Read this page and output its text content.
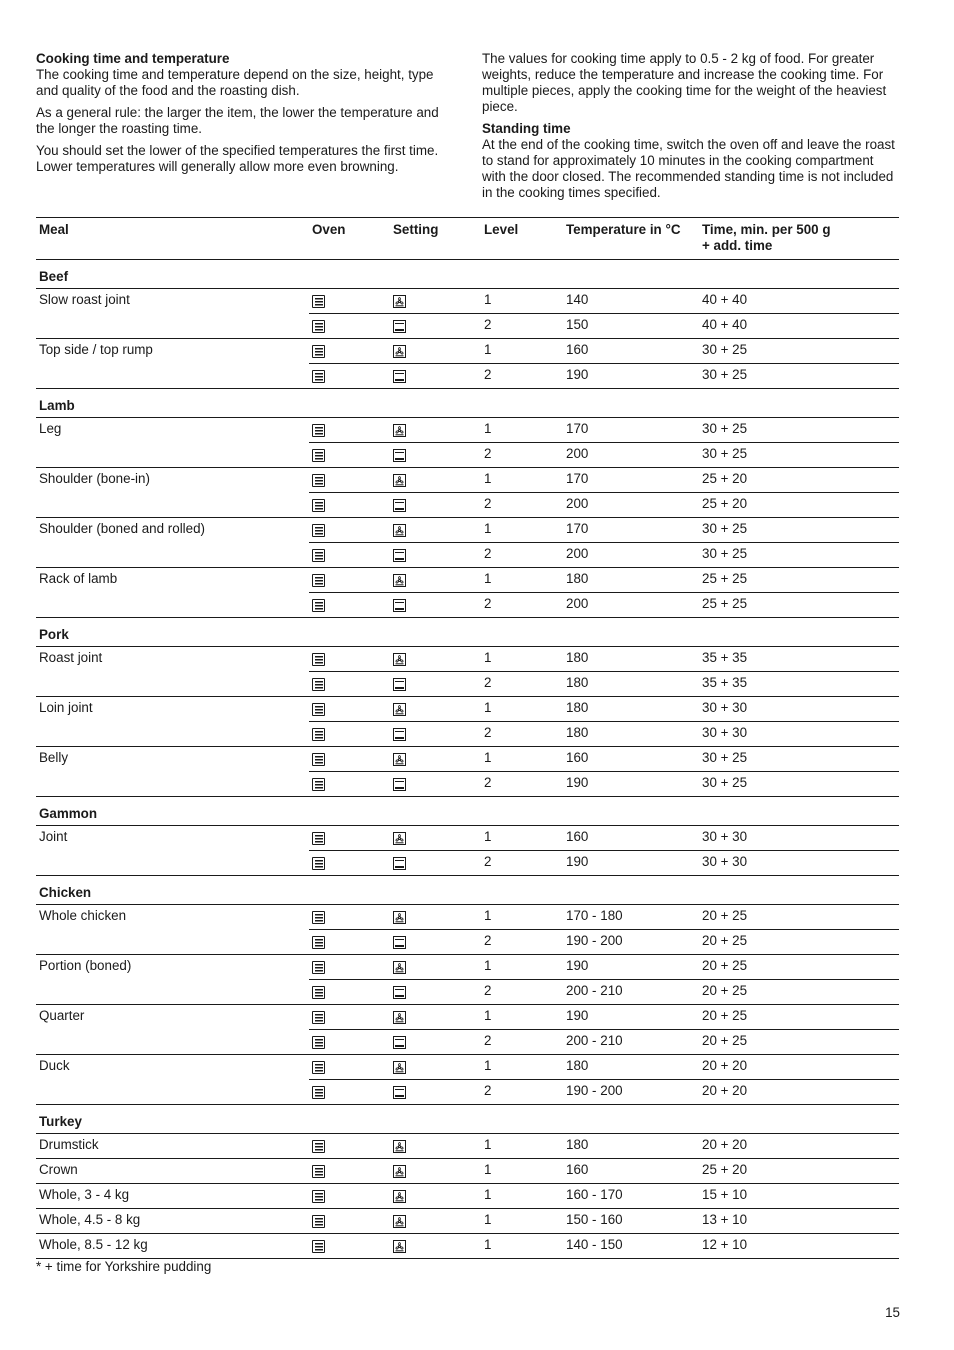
Cooking time and temperature

The cooking time and temperature depend on the size, height, type and quality of the food and the roasting dish.

As a general rule: the larger the item, the lower the temperature and the longer the roasting time.

You should set the lower of the specified temperatures the first time. Lower temperatures will generally allow more even browning.

The values for cooking time apply to 0.5 - 2 kg of food. For greater weights, reduce the temperature and increase the cooking time. For multiple pieces, apply the cooking time for the weight of the heaviest piece.

Standing time

At the end of the cooking time, switch the oven off and leave the roast to stand for approximately 10 minutes in the cooking compartment with the door closed. The recommended standing time is not included in the cooking times specified.

Meal	Oven	Setting	Level	Temperature in °C	Time, min. per 500 g
+ add. time
Beef					
Slow roast joint			1	140	40 + 40
			2	150	40 + 40
Top side / top rump			1	160	30 + 25
			2	190	30 + 25
Lamb					
Leg			1	170	30 + 25
			2	200	30 + 25
Shoulder (bone-in)			1	170	25 + 20
			2	200	25 + 20
Shoulder (boned and rolled)			1	170	30 + 25
			2	200	30 + 25
Rack of lamb			1	180	25 + 25
			2	200	25 + 25
Pork					
Roast joint			1	180	35 + 35
			2	180	35 + 35
Loin joint			1	180	30 + 30
			2	180	30 + 30
Belly			1	160	30 + 25
			2	190	30 + 25
Gammon					
Joint			1	160	30 + 30
			2	190	30 + 30
Chicken					
Whole chicken			1	170 - 180	20 + 25
			2	190 - 200	20 + 25
Portion (boned)			1	190	20 + 25
			2	200 - 210	20 + 25
Quarter			1	190	20 + 25
			2	200 - 210	20 + 25
Duck			1	180	20 + 20
			2	190 - 200	20 + 20
Turkey					
Drumstick			1	180	20 + 20
Crown			1	160	25 + 20
Whole, 3 - 4 kg			1	160 - 170	15 + 10
Whole, 4.5 - 8 kg			1	150 - 160	13 + 10
Whole, 8.5 - 12 kg			1	140 - 150	12 + 10
* + time for Yorkshire pudding
15
